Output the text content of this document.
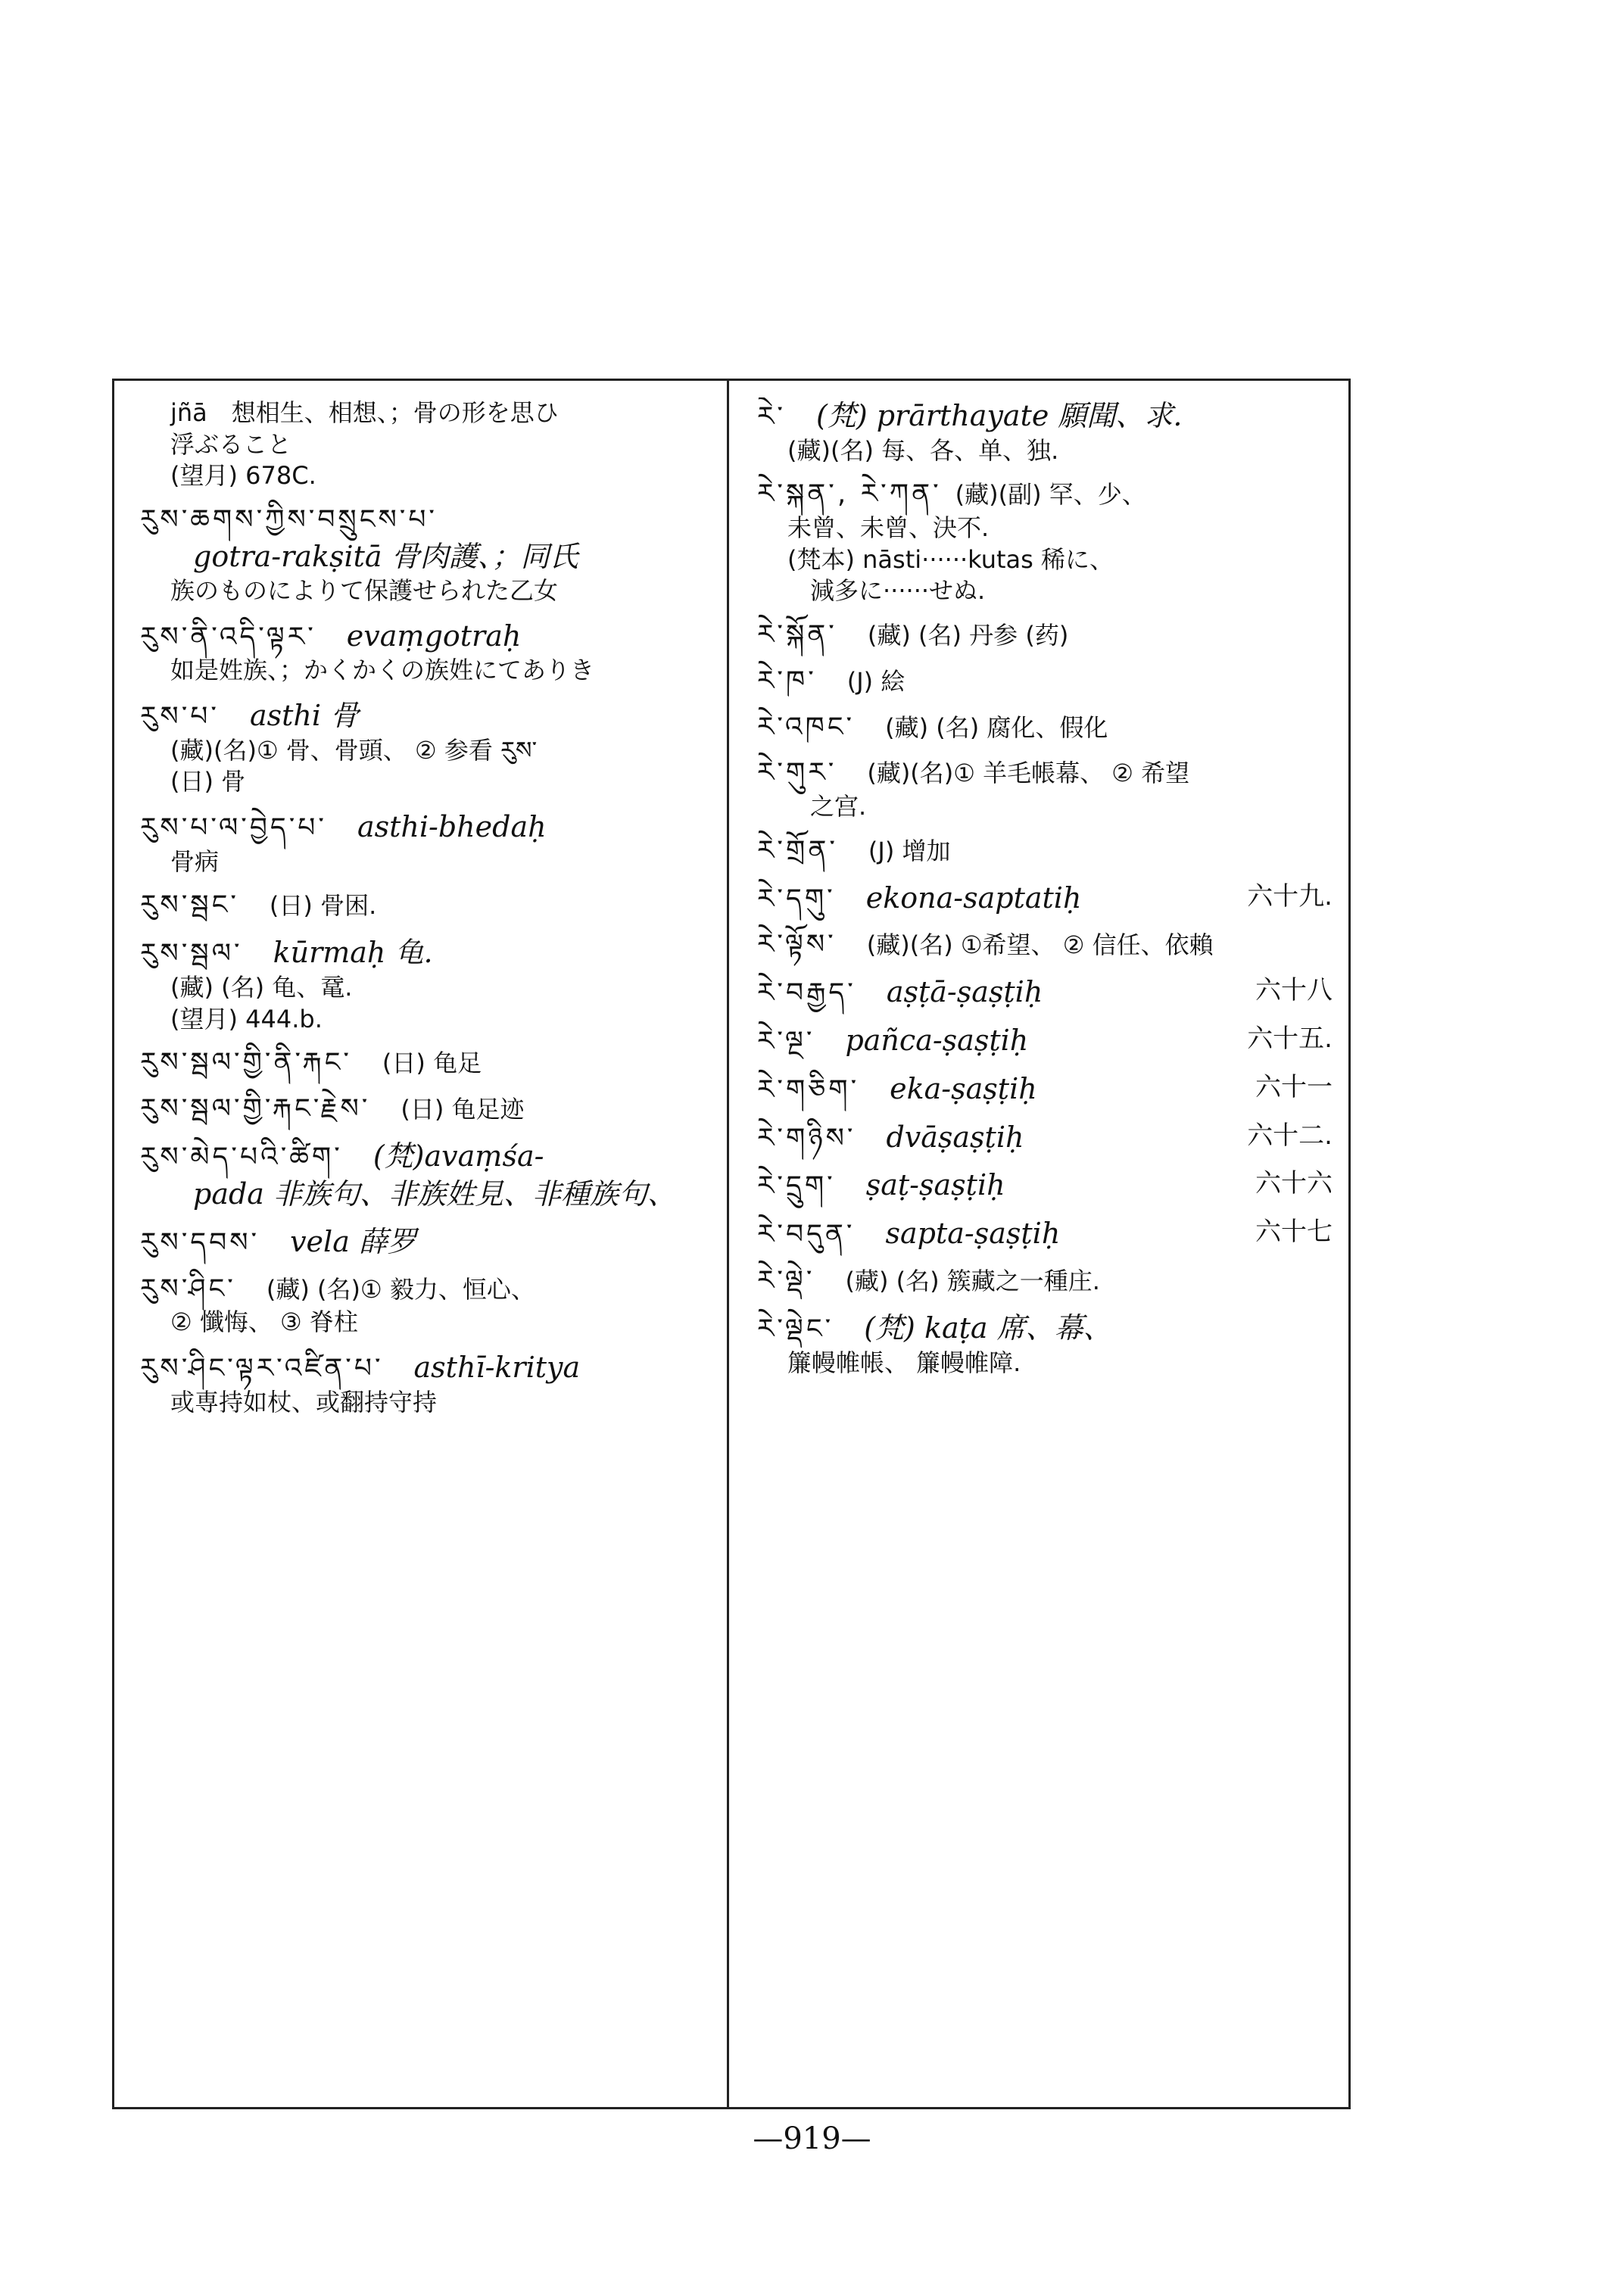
jñā　想相生、相想、；骨の形を思ひ
浮ぶること
(望月) 678C.
རུས་ཆགས་ཀྱིས་བསྲུངས་པ་
gotra-rakṣitā 骨肉護、；同氏
族のものによりて保護せられた乙女
རུས་ནི་འདི་ལྟར་ evaṃgotraḥ
如是姓族、；かくかくの族姓にてありき
རུས་པ་ asthi 骨
(藏)(名)① 骨、骨頭、 ② 参看 རུས་
(日) 骨
རུས་པ་ལ་བྱེད་པ་ asthi-bhedaḥ
骨病
རུས་སྦང་ (日) 骨困.
རུས་སྦལ་ kūrmaḥ 龟.
(藏) (名) 龟、鼋.
(望月) 444.b.
རུས་སྦལ་གྱི་ནི་རྐང་ (日) 龟足
རུས་སྦལ་གྱི་རྐང་རྗེས་ (日) 龟足迹
རུས་མེད་པའི་ཚིག་ (梵)avaṃśa-
pada 非族句、非族姓見、非種族句、
རུས་དབས་ vela 薛罗
རུས་ཤིང་ (藏) (名)① 毅力、恒心、
② 懺悔、 ③ 脊柱
རུས་ཤིང་ལྟར་འཛིན་པ་ asthī-kritya
或専持如杖、或翻持守持
རེ་ (梵) prārthayate 願聞、求.
(藏)(名) 每、各、单、独.
རེ་སྐན་, རེ་ཀན་ (藏)(副) 罕、少、
未曾、未曾、決不.
(梵本) nāsti······kutas 稀に、
減多に······せぬ.
རེ་སྐོན་ (藏) (名) 丹参 (药)
རེ་ཁ་ (J) 絵
རེ་འཁང་ (藏) (名) 腐化、假化
རེ་གུར་ (藏)(名)① 羊毛帳幕、 ② 希望
之宫.
རེ་གྲོན་ (J) 增加
རེ་དགུ་ ekona-saptatiḥ	六十九.
རེ་ལྟོས་ (藏)(名) ①希望、 ② 信任、依賴
རེ་བརྒྱད་ aṣṭā-ṣaṣṭiḥ	六十八
རེ་ལྔ་ pañca-ṣaṣṭiḥ	六十五.
རེ་གཅིག་ eka-ṣaṣṭiḥ	六十一
རེ་གཉིས་ dvāṣaṣṭiḥ	六十二.
རེ་དྲུག་ ṣaṭ-ṣaṣṭiḥ	六十六
རེ་བདུན་ sapta-ṣaṣṭiḥ	六十七
རེ་ལྡེ་ (藏) (名) 簇藏之一種庄.
རེ་ལྡེང་ (梵) kaṭa 席、幕、
簾幔帷帳、 簾幔帷障.
—919—
